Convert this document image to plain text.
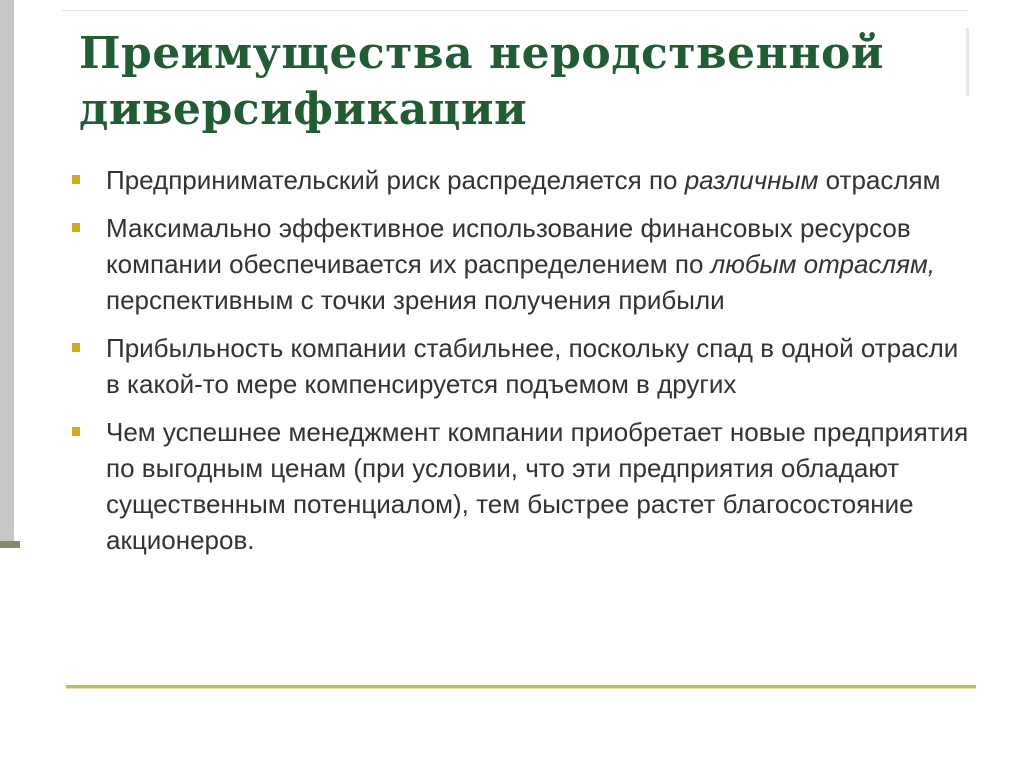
Преимущества неродственной
диверсификации
Предпринимательский риск распределяется по различным отраслям
Максимально эффективное использование финансовых ресурсов компании обеспечивается их распределением по любым отраслям, перспективным с точки зрения получения прибыли
Прибыльность компании стабильнее, поскольку спад в одной отрасли в какой-то мере компенсируется подъемом в других
Чем успешнее менеджмент компании приобретает новые предприятия по выгодным ценам (при условии, что эти предприятия обладают существенным потенциалом), тем быстрее растет благосостояние акционеров.
